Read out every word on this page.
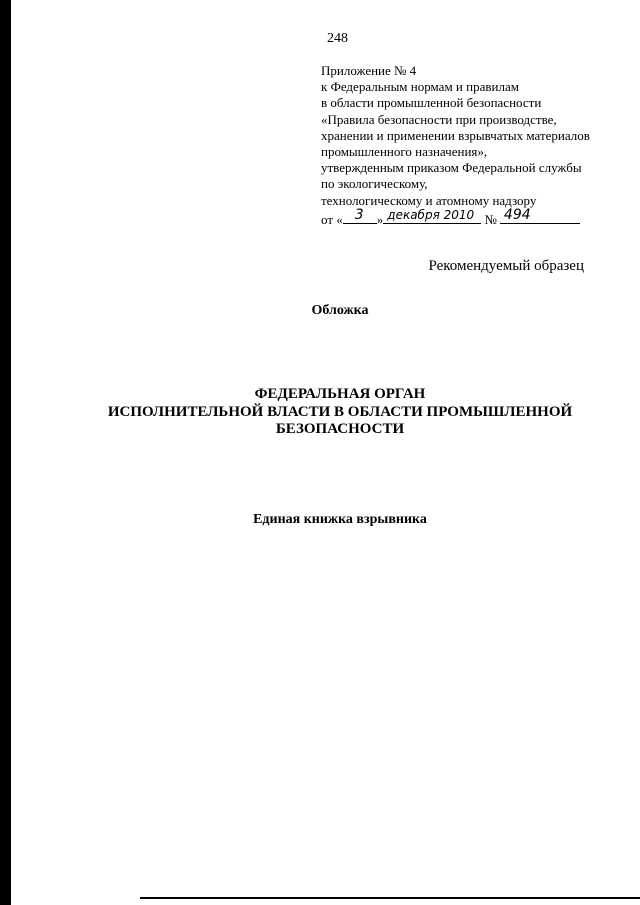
248
Приложение № 4
к Федеральным нормам и правилам
в области промышленной безопасности
«Правила безопасности при производстве,
хранении и применении взрывчатых материалов
промышленного назначения»,
утвержденным приказом Федеральной службы
по экологическому,
технологическому и атомному надзору
от « 3 » декабря 2010 № 494
Рекомендуемый образец
Обложка
ФЕДЕРАЛЬНАЯ ОРГАН
ИСПОЛНИТЕЛЬНОЙ ВЛАСТИ В ОБЛАСТИ ПРОМЫШЛЕННОЙ
БЕЗОПАСНОСТИ
Единая книжка взрывника
